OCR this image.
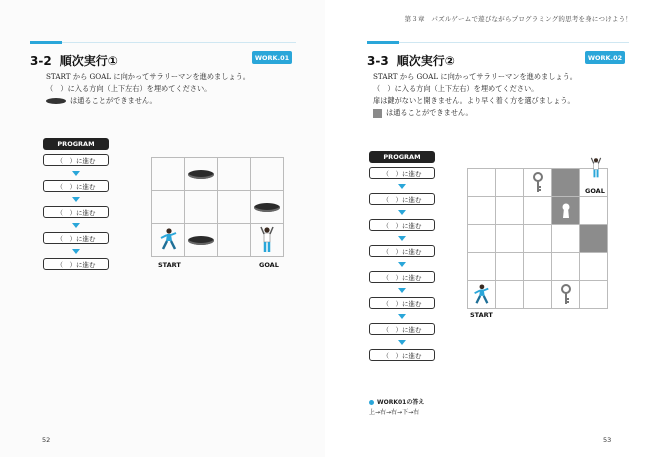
3-2 順次実行①	WORK.01
START から GOAL に向かってサラリーマンを進めましょう。
（　）に入る方向（上下左右）を埋めてください。
は通ることができません。
PROGRAM
（　）に進む
（　）に進む
（　）に進む
（　）に進む
（　）に進む	START	GOAL
52
第３章　パズルゲームで遊びながらプログラミング的思考を身につけよう！
3-3 順次実行②	WORK.02
START から GOAL に向かってサラリーマンを進めましょう。
（　）に入る方向（上下左右）を埋めてください。
扉は鍵がないと開きません。より早く着く方を選びましょう。
は通ることができません。
PROGRAM
（　）に進む
（　）に進む
（　）に進む
（　）に進む
（　）に進む
（　）に進む
（　）に進む
（　）に進む
GOAL
START
WORK01の答え
上→右→右→下→右
53
